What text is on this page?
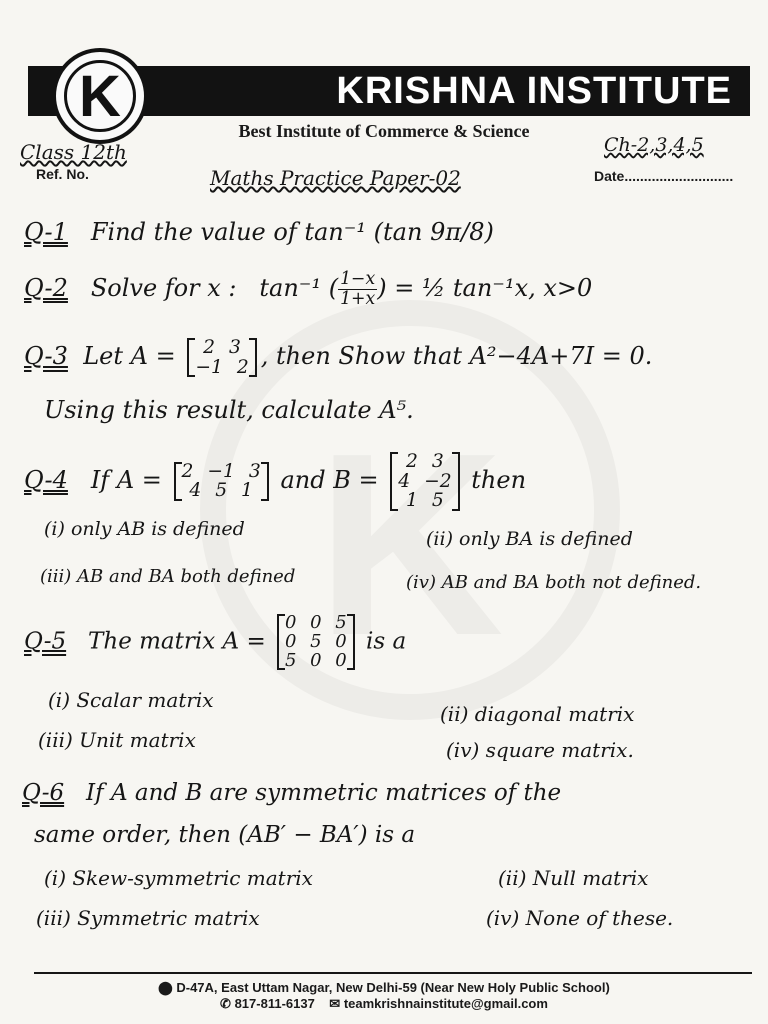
K	KRISHNA INSTITUTE
Best Institute of Commerce & Science
Class 12th
Ref. No.
Ch-2,3,4,5
Maths Practice Paper-02	Date............................
Q-1 Find the value of tan⁻¹ (tan 9π/8)
Q-2 Solve for x : tan⁻¹ ( $\frac{1-x}{1+x}$ ) = ½ tan⁻¹x, x>0
Q-3 Let A =	2 3
−1 2 , then Show that A²−4A+7I = 0.
Using this result, calculate A⁵.
Q-4 If A = 2 −1 3
4 5 1	and B =
2 3
4 −2
1 5
then
(i) only AB is defined	(ii) only BA is defined
(iii) AB and BA both defined	(iv) AB and BA both not defined.
Q-5 The matrix A =
0 0 5
0 5 0
5 0 0
is a
(i) Scalar matrix
(ii) diagonal matrix
(iii) Unit matrix	(iv) square matrix.
Q-6 If A and B are symmetric matrices of the
same order, then (AB′ − BA′) is a
(i) Skew-symmetric matrix	(ii) Null matrix
(iii) Symmetric matrix	(iv) None of these.
⬤ D-47A, East Uttam Nagar, New Delhi-59 (Near New Holy Public School)
✆ 817-811-6137 ✉ teamkrishnainstitute@gmail.com
